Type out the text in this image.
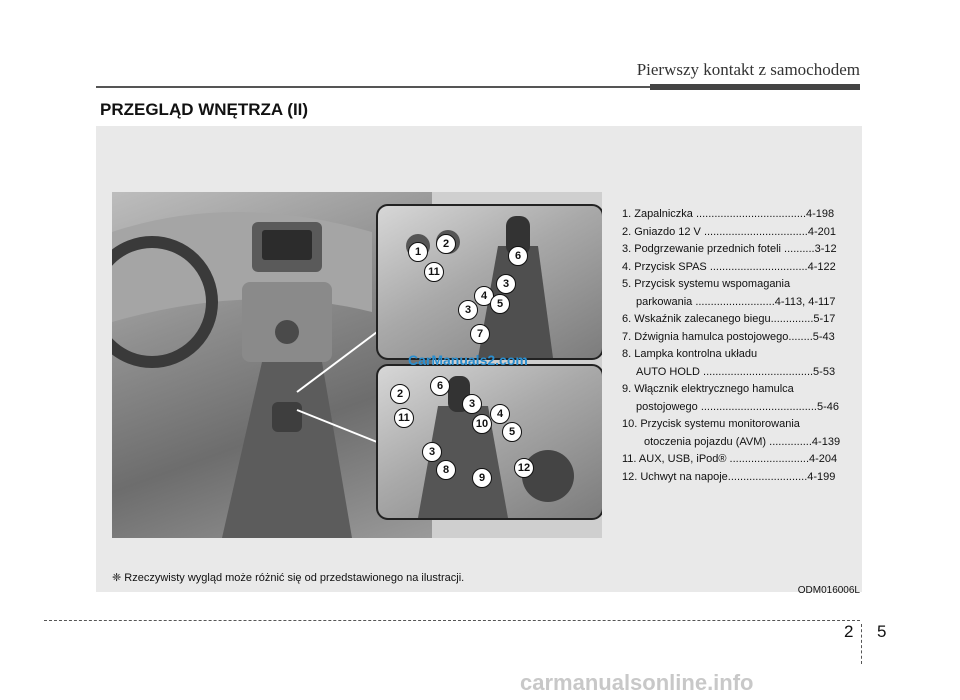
Pierwszy kontakt z samochodem
PRZEGLĄD WNĘTRZA (II)
1
2
11
6
3
4
5
3
7
2
6
3
4
11	10
5
3
8
9
12
CarManuals2.com
1. Zapalniczka ....................................4-198
2. Gniazdo 12 V ..................................4-201
3. Podgrzewanie przednich foteli ..........3-12
4. Przycisk SPAS ................................4-122
5. Przycisk systemu wspomagania
parkowania ..........................4-113, 4-117
6. Wskaźnik zalecanego biegu..............5-17
7. Dźwignia hamulca postojowego........5-43
8. Lampka kontrolna układu
AUTO HOLD ....................................5-53
9. Włącznik elektrycznego hamulca
postojowego ......................................5-46
10. Przycisk systemu monitorowania
otoczenia pojazdu (AVM) ..............4-139
11. AUX, USB, iPod® ..........................4-204
12. Uchwyt na napoje..........................4-199
❈ Rzeczywisty wygląd może różnić się od przedstawionego na ilustracji.
ODM016006L
2 5
carmanualsonline.info
